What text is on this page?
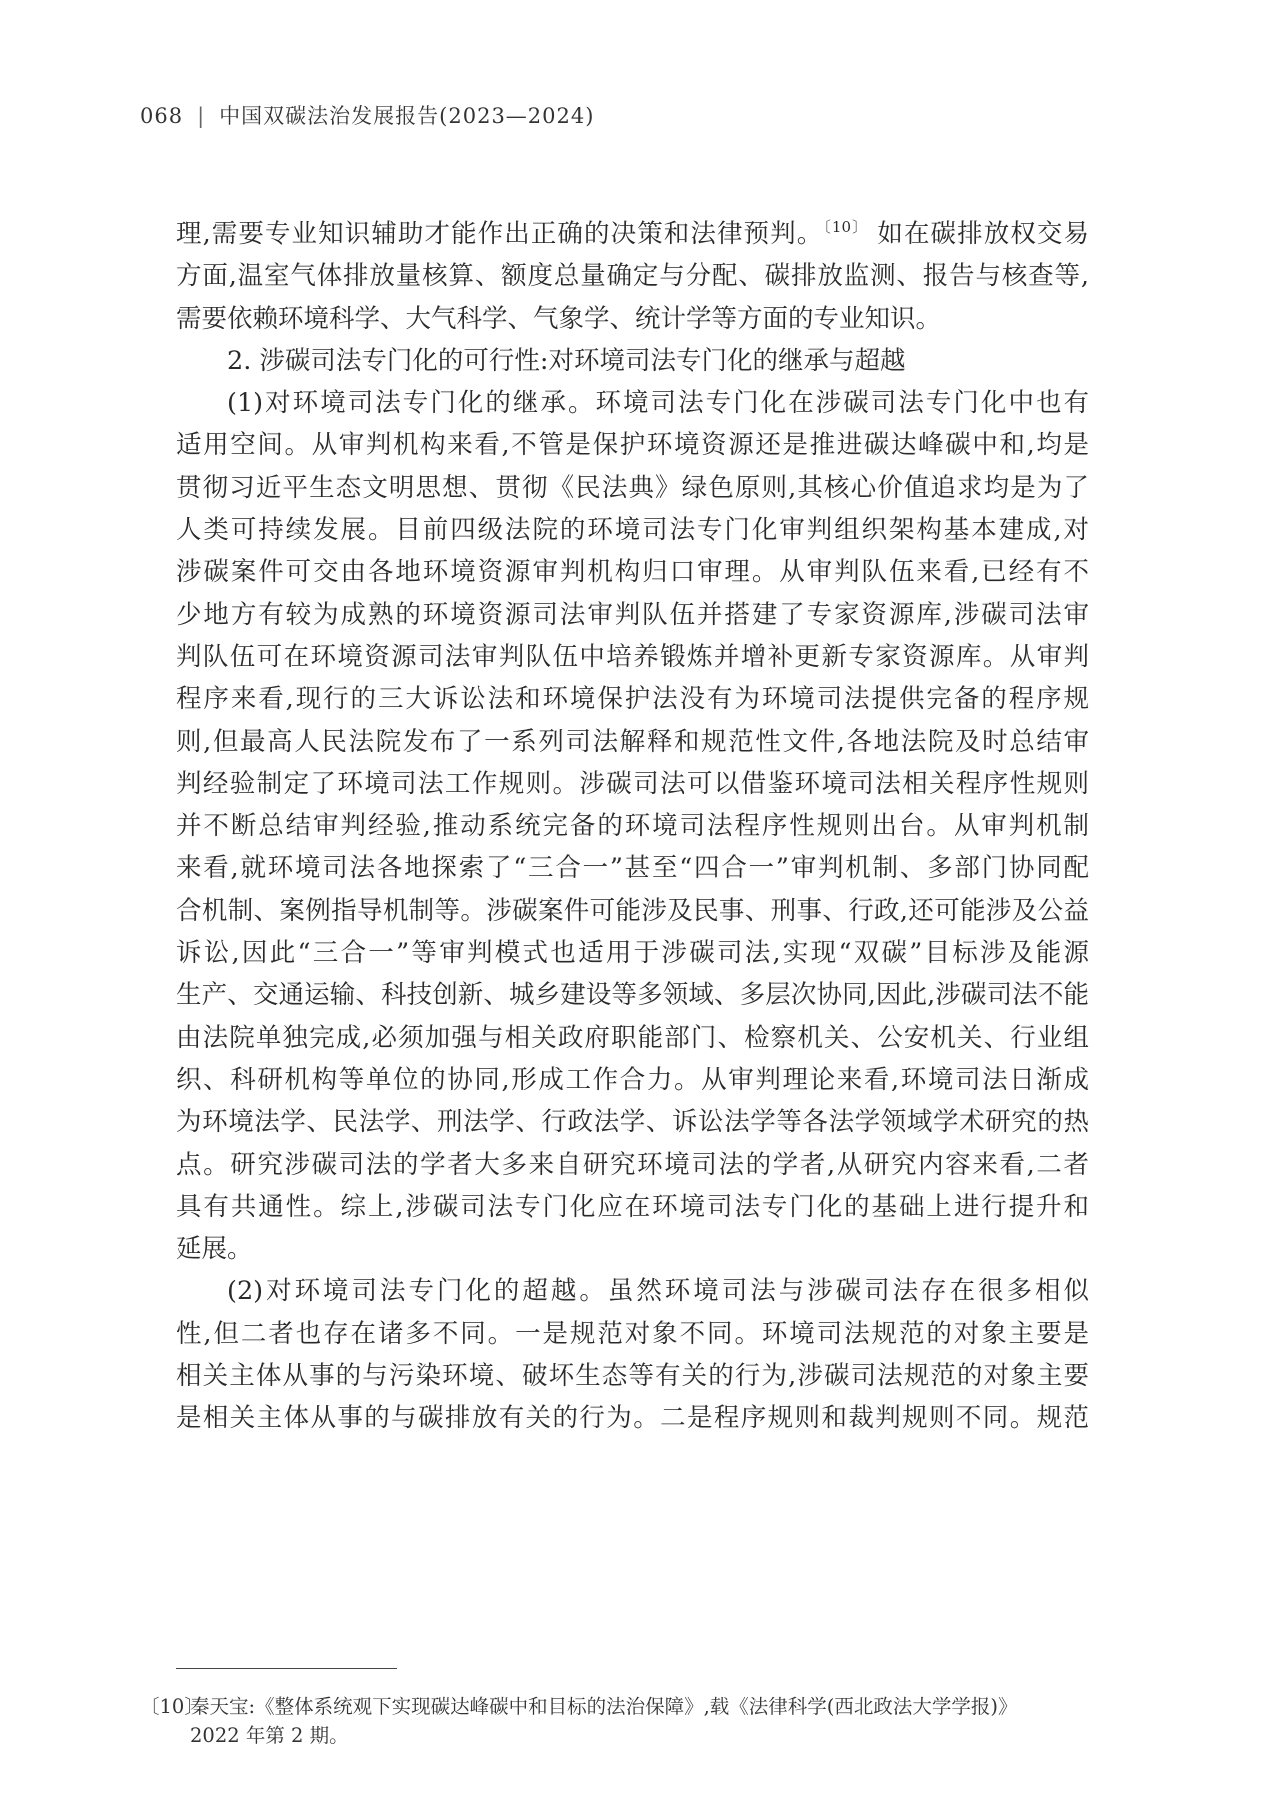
068 | 中国双碳法治发展报告(2023—2024)
理,需要专业知识辅助才能作出正确的决策和法律预判。$^{〔10〕}$ 如在碳排放权交易
方面,温室气体排放量核算、额度总量确定与分配、碳排放监测、报告与核查等,
需要依赖环境科学、大气科学、气象学、统计学等方面的专业知识。
2. 涉碳司法专门化的可行性:对环境司法专门化的继承与超越
(1)对环境司法专门化的继承。环境司法专门化在涉碳司法专门化中也有
适用空间。从审判机构来看,不管是保护环境资源还是推进碳达峰碳中和,均是
贯彻习近平生态文明思想、贯彻《民法典》绿色原则,其核心价值追求均是为了
人类可持续发展。目前四级法院的环境司法专门化审判组织架构基本建成,对
涉碳案件可交由各地环境资源审判机构归口审理。从审判队伍来看,已经有不
少地方有较为成熟的环境资源司法审判队伍并搭建了专家资源库,涉碳司法审
判队伍可在环境资源司法审判队伍中培养锻炼并增补更新专家资源库。从审判
程序来看,现行的三大诉讼法和环境保护法没有为环境司法提供完备的程序规
则,但最高人民法院发布了一系列司法解释和规范性文件,各地法院及时总结审
判经验制定了环境司法工作规则。涉碳司法可以借鉴环境司法相关程序性规则
并不断总结审判经验,推动系统完备的环境司法程序性规则出台。从审判机制
来看,就环境司法各地探索了“三合一”甚至“四合一”审判机制、多部门协同配
合机制、案例指导机制等。涉碳案件可能涉及民事、刑事、行政,还可能涉及公益
诉讼,因此“三合一”等审判模式也适用于涉碳司法,实现“双碳”目标涉及能源
生产、交通运输、科技创新、城乡建设等多领域、多层次协同,因此,涉碳司法不能
由法院单独完成,必须加强与相关政府职能部门、检察机关、公安机关、行业组
织、科研机构等单位的协同,形成工作合力。从审判理论来看,环境司法日渐成
为环境法学、民法学、刑法学、行政法学、诉讼法学等各法学领域学术研究的热
点。研究涉碳司法的学者大多来自研究环境司法的学者,从研究内容来看,二者
具有共通性。综上,涉碳司法专门化应在环境司法专门化的基础上进行提升和
延展。
(2)对环境司法专门化的超越。虽然环境司法与涉碳司法存在很多相似
性,但二者也存在诸多不同。一是规范对象不同。环境司法规范的对象主要是
相关主体从事的与污染环境、破坏生态等有关的行为,涉碳司法规范的对象主要
是相关主体从事的与碳排放有关的行为。二是程序规则和裁判规则不同。规范
〔10〕
秦天宝:《整体系统观下实现碳达峰碳中和目标的法治保障》,载《法律科学(西北政法大学学报)》
2022 年第 2 期。
